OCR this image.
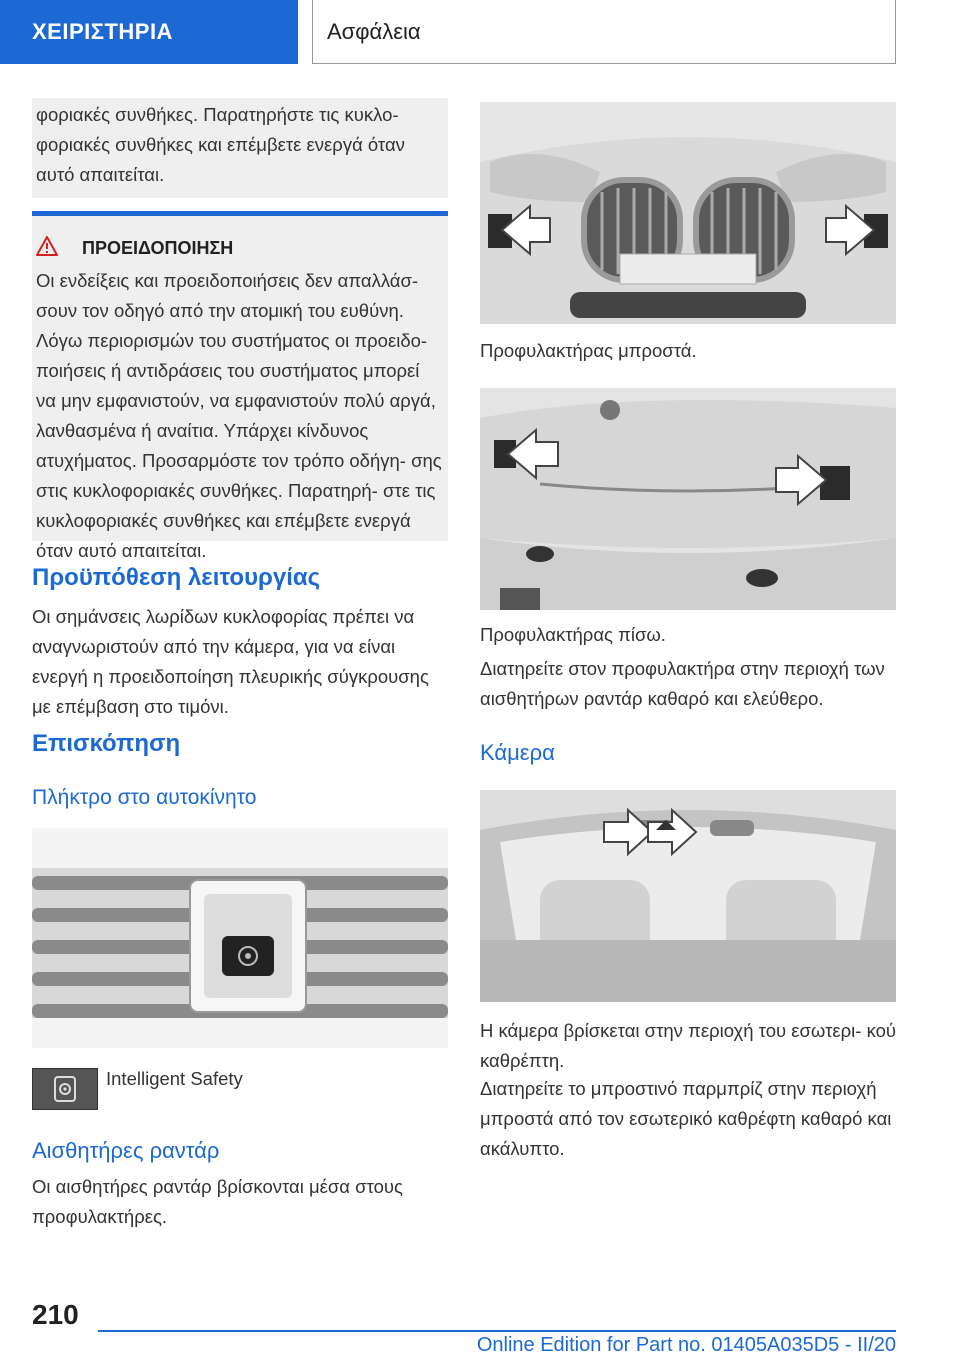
ΧΕΙΡΙΣΤΗΡΙΑ	Ασφάλεια
φοριακές συνθήκες. Παρατηρήστε τις κυκλο- φοριακές συνθήκες και επέμβετε ενεργά όταν αυτό απαιτείται.
ΠΡΟΕΙΔΟΠΟΙΗΣΗ
Οι ενδείξεις και προειδοποιήσεις δεν απαλλάσ- σουν τον οδηγό από την ατομική του ευθύνη. Λόγω περιορισμών του συστήματος οι προειδο- ποιήσεις ή αντιδράσεις του συστήματος μπορεί να μην εμφανιστούν, να εμφανιστούν πολύ αργά, λανθασμένα ή αναίτια. Υπάρχει κίνδυνος ατυχήματος. Προσαρμόστε τον τρόπο οδήγη- σης στις κυκλοφοριακές συνθήκες. Παρατηρή- στε τις κυκλοφοριακές συνθήκες και επέμβετε ενεργά όταν αυτό απαιτείται.
Προϋπόθεση λειτουργίας
Οι σημάνσεις λωρίδων κυκλοφορίας πρέπει να αναγνωριστούν από την κάμερα, για να είναι ενεργή η προειδοποίηση πλευρικής σύγκρουσης με επέμβαση στο τιμόνι.
Επισκόπηση
Πλήκτρο στο αυτοκίνητο
Intelligent Safety
Αισθητήρες ραντάρ
Οι αισθητήρες ραντάρ βρίσκονται μέσα στους προφυλακτήρες.
Προφυλακτήρας μπροστά.
Προφυλακτήρας πίσω.
Διατηρείτε στον προφυλακτήρα στην περιοχή των αισθητήρων ραντάρ καθαρό και ελεύθερο.
Κάμερα
Η κάμερα βρίσκεται στην περιοχή του εσωτερι- κού καθρέπτη.
Διατηρείτε το μπροστινό παρμπρίζ στην περιοχή μπροστά από τον εσωτερικό καθρέφτη καθαρό και ακάλυπτο.
210
Online Edition for Part no. 01405A035D5 - II/20
